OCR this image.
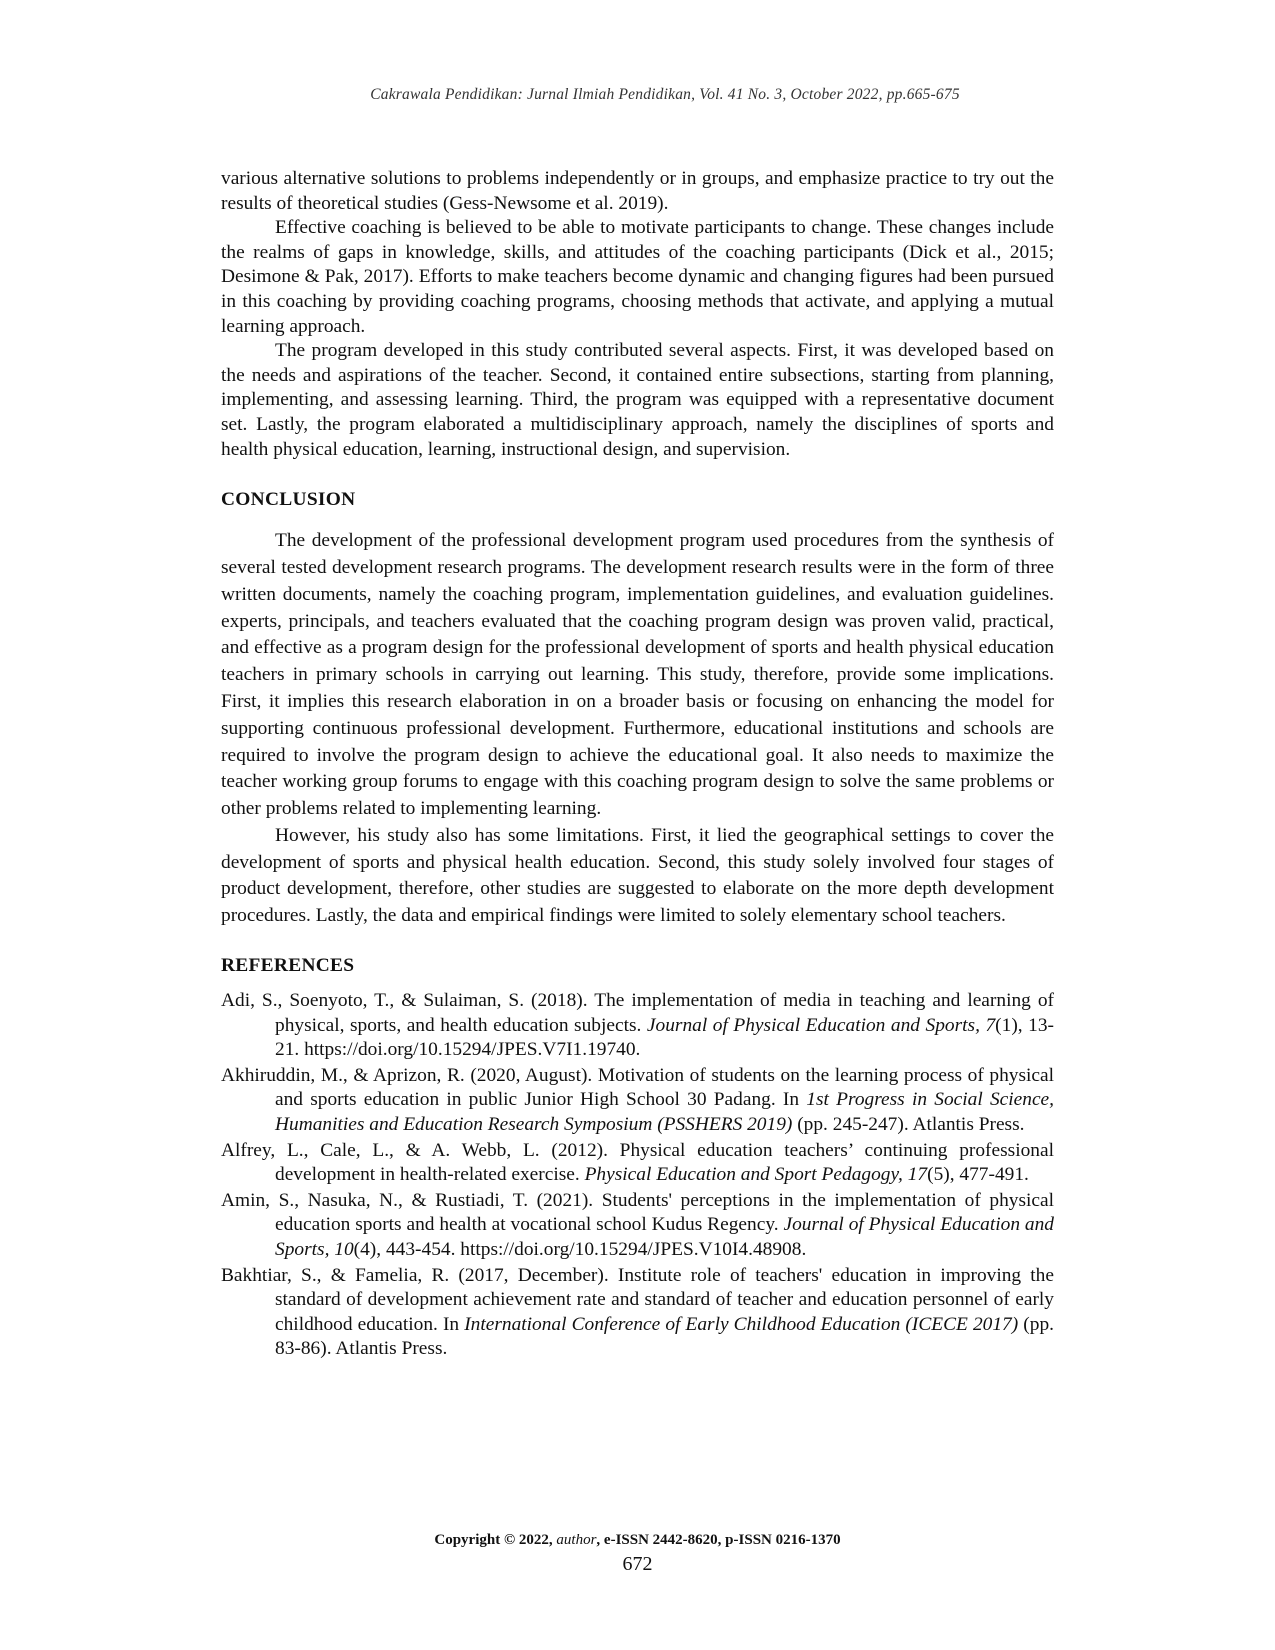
Cakrawala Pendidikan: Jurnal Ilmiah Pendidikan, Vol. 41 No. 3, October 2022, pp.665-675

various alternative solutions to problems independently or in groups, and emphasize practice to try out the results of theoretical studies (Gess-Newsome et al. 2019).

Effective coaching is believed to be able to motivate participants to change. These changes include the realms of gaps in knowledge, skills, and attitudes of the coaching participants (Dick et al., 2015; Desimone & Pak, 2017). Efforts to make teachers become dynamic and changing figures had been pursued in this coaching by providing coaching programs, choosing methods that activate, and applying a mutual learning approach.

The program developed in this study contributed several aspects. First, it was developed based on the needs and aspirations of the teacher. Second, it contained entire subsections, starting from planning, implementing, and assessing learning. Third, the program was equipped with a representative document set. Lastly, the program elaborated a multidisciplinary approach, namely the disciplines of sports and health physical education, learning, instructional design, and supervision.

CONCLUSION

The development of the professional development program used procedures from the synthesis of several tested development research programs. The development research results were in the form of three written documents, namely the coaching program, implementation guidelines, and evaluation guidelines. experts, principals, and teachers evaluated that the coaching program design was proven valid, practical, and effective as a program design for the professional development of sports and health physical education teachers in primary schools in carrying out learning. This study, therefore, provide some implications. First, it implies this research elaboration in on a broader basis or focusing on enhancing the model for supporting continuous professional development. Furthermore, educational institutions and schools are required to involve the program design to achieve the educational goal. It also needs to maximize the teacher working group forums to engage with this coaching program design to solve the same problems or other problems related to implementing learning.

However, his study also has some limitations. First, it lied the geographical settings to cover the development of sports and physical health education. Second, this study solely involved four stages of product development, therefore, other studies are suggested to elaborate on the more depth development procedures. Lastly, the data and empirical findings were limited to solely elementary school teachers.

REFERENCES

Adi, S., Soenyoto, T., & Sulaiman, S. (2018). The implementation of media in teaching and learning of physical, sports, and health education subjects. Journal of Physical Education and Sports, 7(1), 13-21. https://doi.org/10.15294/JPES.V7I1.19740.

Akhiruddin, M., & Aprizon, R. (2020, August). Motivation of students on the learning process of physical and sports education in public Junior High School 30 Padang. In 1st Progress in Social Science, Humanities and Education Research Symposium (PSSHERS 2019) (pp. 245-247). Atlantis Press.

Alfrey, L., Cale, L., & A. Webb, L. (2012). Physical education teachers’ continuing professional development in health-related exercise. Physical Education and Sport Pedagogy, 17(5), 477-491.

Amin, S., Nasuka, N., & Rustiadi, T. (2021). Students' perceptions in the implementation of physical education sports and health at vocational school Kudus Regency. Journal of Physical Education and Sports, 10(4), 443-454. https://doi.org/10.15294/JPES.V10I4.48908.

Bakhtiar, S., & Famelia, R. (2017, December). Institute role of teachers' education in improving the standard of development achievement rate and standard of teacher and education personnel of early childhood education. In International Conference of Early Childhood Education (ICECE 2017) (pp. 83-86). Atlantis Press.

Copyright © 2022, author, e-ISSN 2442-8620, p-ISSN 0216-1370
672
